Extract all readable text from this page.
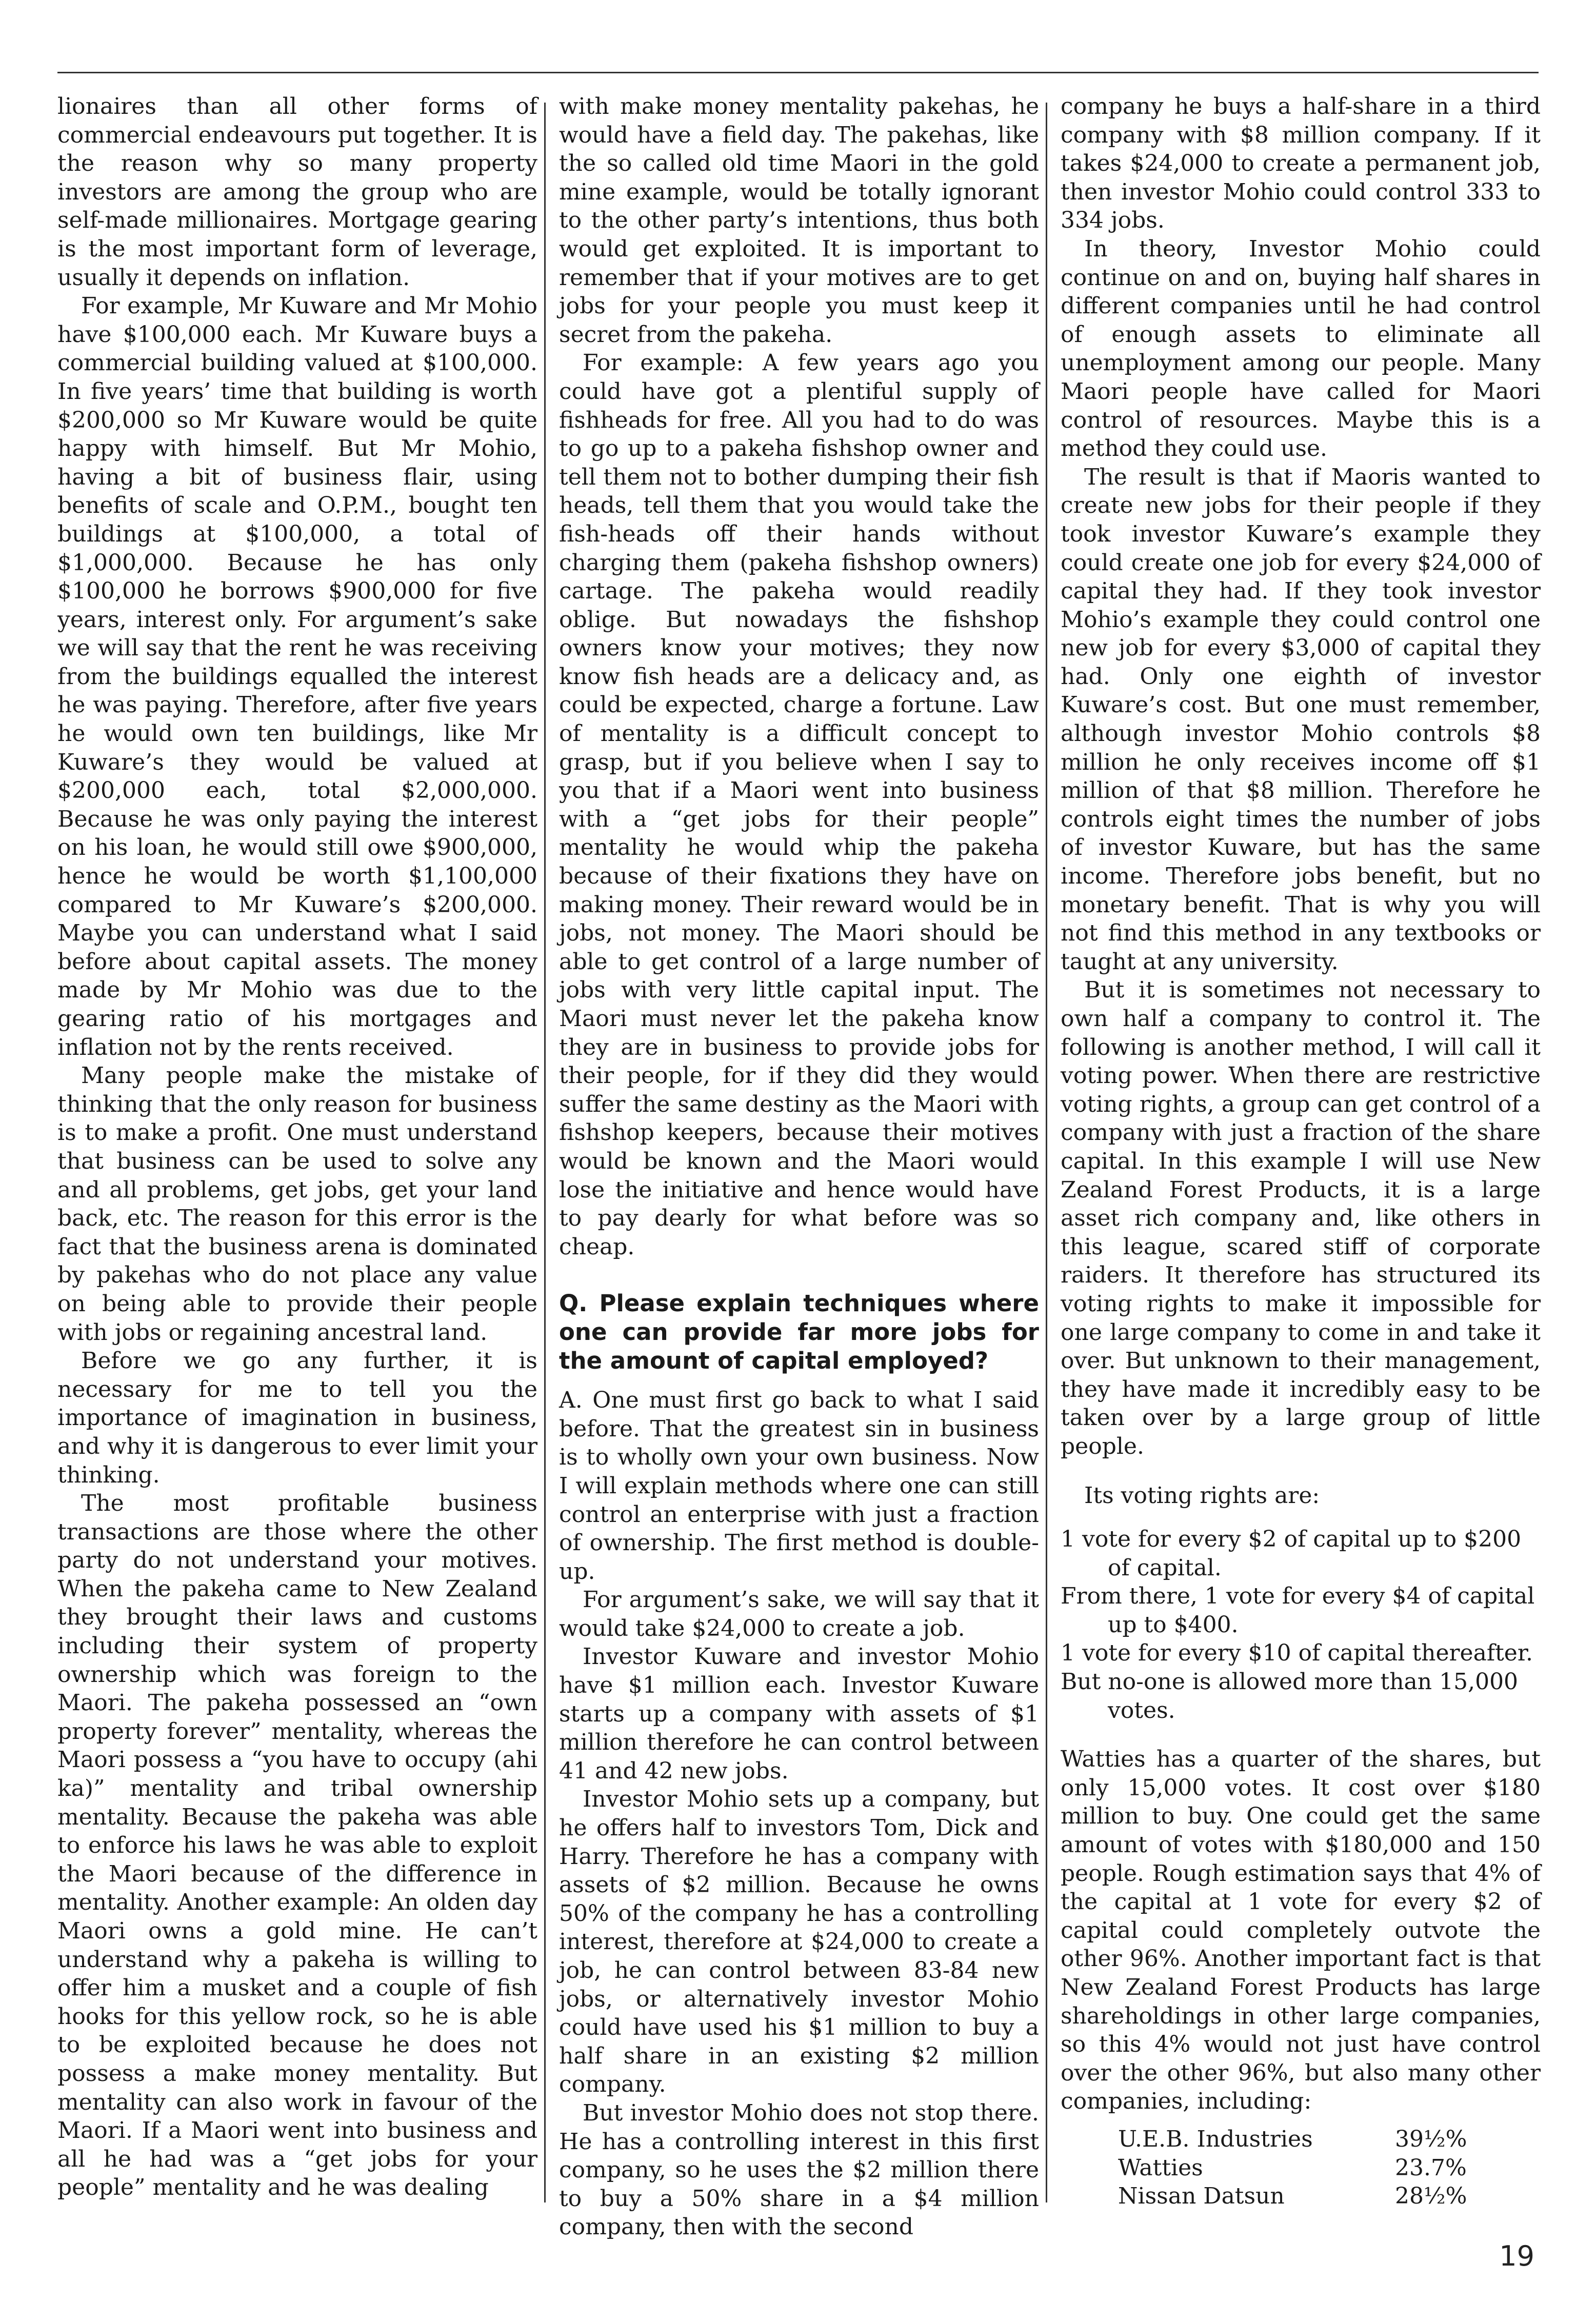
lionaires than all other forms of commercial endeavours put together. It is the reason why so many property investors are among the group who are self-made millionaires. Mortgage gearing is the most important form of leverage, usually it depends on inflation.

For example, Mr Kuware and Mr Mohio have $100,000 each. Mr Kuware buys a commercial building valued at $100,000. In five years’ time that building is worth $200,000 so Mr Kuware would be quite happy with himself. But Mr Mohio, having a bit of business flair, using benefits of scale and O.P.M., bought ten buildings at $100,000, a total of $1,000,000. Because he has only $100,000 he borrows $900,000 for five years, interest only. For argument’s sake we will say that the rent he was receiving from the buildings equalled the interest he was paying. Therefore, after five years he would own ten buildings, like Mr Kuware’s they would be valued at $200,000 each, total $2,000,000. Because he was only paying the interest on his loan, he would still owe $900,000, hence he would be worth $1,100,000 compared to Mr Kuware’s $200,000. Maybe you can understand what I said before about capital assets. The money made by Mr Mohio was due to the gearing ratio of his mortgages and inflation not by the rents received.

Many people make the mistake of thinking that the only reason for business is to make a profit. One must understand that business can be used to solve any and all problems, get jobs, get your land back, etc. The reason for this error is the fact that the business arena is dominated by pakehas who do not place any value on being able to provide their people with jobs or regaining ancestral land.

Before we go any further, it is necessary for me to tell you the importance of imagination in business, and why it is dangerous to ever limit your thinking.

The most profitable business transactions are those where the other party do not understand your motives. When the pakeha came to New Zealand they brought their laws and customs including their system of property ownership which was foreign to the Maori. The pakeha possessed an “own property forever” mentality, whereas the Maori possess a “you have to occupy (ahi ka)” mentality and tribal ownership mentality. Because the pakeha was able to enforce his laws he was able to exploit the Maori because of the difference in mentality. Another example: An olden day Maori owns a gold mine. He can’t understand why a pakeha is willing to offer him a musket and a couple of fish hooks for this yellow rock, so he is able to be exploited because he does not possess a make money mentality. But mentality can also work in favour of the Maori. If a Maori went into business and all he had was a “get jobs for your people” mentality and he was dealing

with make money mentality pakehas, he would have a field day. The pakehas, like the so called old time Maori in the gold mine example, would be totally ignorant to the other party’s intentions, thus both would get exploited. It is important to remember that if your motives are to get jobs for your people you must keep it secret from the pakeha.

For example: A few years ago you could have got a plentiful supply of fishheads for free. All you had to do was to go up to a pakeha fishshop owner and tell them not to bother dumping their fish heads, tell them that you would take the fish-heads off their hands without charging them (pakeha fishshop owners) cartage. The pakeha would readily oblige. But nowadays the fishshop owners know your motives; they now know fish heads are a delicacy and, as could be expected, charge a fortune. Law of mentality is a difficult concept to grasp, but if you believe when I say to you that if a Maori went into business with a “get jobs for their people” mentality he would whip the pakeha because of their fixations they have on making money. Their reward would be in jobs, not money. The Maori should be able to get control of a large number of jobs with very little capital input. The Maori must never let the pakeha know they are in business to provide jobs for their people, for if they did they would suffer the same destiny as the Maori with fishshop keepers, because their motives would be known and the Maori would lose the initiative and hence would have to pay dearly for what before was so cheap.

Q. Please explain techniques where one can provide far more jobs for the amount of capital employed?

A. One must first go back to what I said before. That the greatest sin in business is to wholly own your own business. Now I will explain methods where one can still control an enterprise with just a fraction of ownership. The first method is double-up.

For argument’s sake, we will say that it would take $24,000 to create a job.

Investor Kuware and investor Mohio have $1 million each. Investor Kuware starts up a company with assets of $1 million therefore he can control between 41 and 42 new jobs.

Investor Mohio sets up a company, but he offers half to investors Tom, Dick and Harry. Therefore he has a company with assets of $2 million. Because he owns 50% of the company he has a controlling interest, therefore at $24,000 to create a job, he can control between 83-84 new jobs, or alternatively investor Mohio could have used his $1 million to buy a half share in an existing $2 million company.

But investor Mohio does not stop there. He has a controlling interest in this first company, so he uses the $2 million there to buy a 50% share in a $4 million company, then with the second

company he buys a half-share in a third company with $8 million company. If it takes $24,000 to create a permanent job, then investor Mohio could control 333 to 334 jobs.

In theory, Investor Mohio could continue on and on, buying half shares in different companies until he had control of enough assets to eliminate all unemployment among our people. Many Maori people have called for Maori control of resources. Maybe this is a method they could use.

The result is that if Maoris wanted to create new jobs for their people if they took investor Kuware’s example they could create one job for every $24,000 of capital they had. If they took investor Mohio’s example they could control one new job for every $3,000 of capital they had. Only one eighth of investor Kuware’s cost. But one must remember, although investor Mohio controls $8 million he only receives income off $1 million of that $8 million. Therefore he controls eight times the number of jobs of investor Kuware, but has the same income. Therefore jobs benefit, but no monetary benefit. That is why you will not find this method in any textbooks or taught at any university.

But it is sometimes not necessary to own half a company to control it. The following is another method, I will call it voting power. When there are restrictive voting rights, a group can get control of a company with just a fraction of the share capital. In this example I will use New Zealand Forest Products, it is a large asset rich company and, like others in this league, scared stiff of corporate raiders. It therefore has structured its voting rights to make it impossible for one large company to come in and take it over. But unknown to their management, they have made it incredibly easy to be taken over by a large group of little people.

Its voting rights are:

1 vote for every $2 of capital up to $200 of capital.
From there, 1 vote for every $4 of capital up to $400.
1 vote for every $10 of capital thereafter.
But no-one is allowed more than 15,000 votes.

Watties has a quarter of the shares, but only 15,000 votes. It cost over $180 million to buy. One could get the same amount of votes with $180,000 and 150 people. Rough estimation says that 4% of the capital at 1 vote for every $2 of capital could completely outvote the other 96%. Another important fact is that New Zealand Forest Products has large shareholdings in other large companies, so this 4% would not just have control over the other 96%, but also many other companies, including:

U.E.B. Industries	39½%
Watties	23.7%
Nissan Datsun	28½%
19
